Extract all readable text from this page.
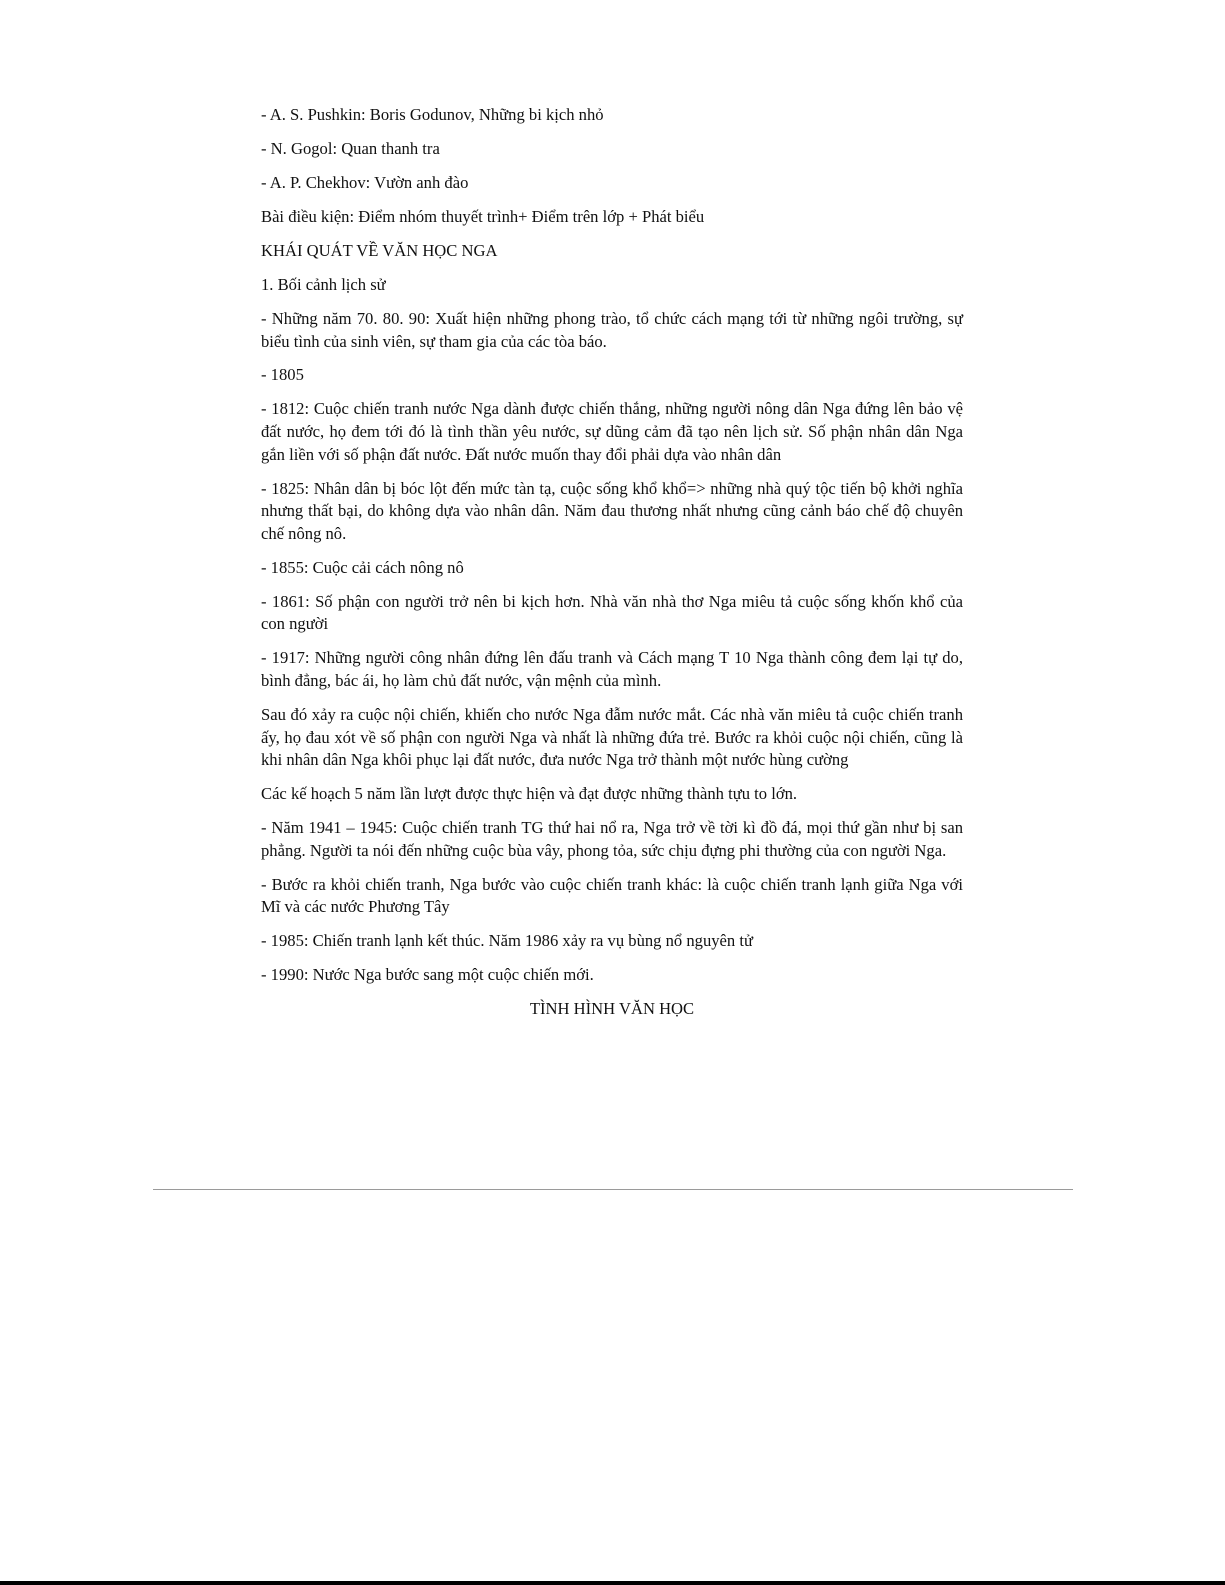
- A. S. Pushkin: Boris Godunov, Những bi kịch nhỏ

- N. Gogol: Quan thanh tra

- A. P. Chekhov: Vườn anh đào

Bài điều kiện: Điểm nhóm thuyết trình+ Điểm trên lớp + Phát biểu

KHÁI QUÁT VỀ VĂN HỌC NGA

1. Bối cảnh lịch sử

- Những năm 70. 80. 90: Xuất hiện những phong trào, tổ chức cách mạng tới từ những ngôi trường, sự biểu tình của sinh viên, sự tham gia của các tòa báo.

- 1805

- 1812: Cuộc chiến tranh nước Nga dành được chiến thắng, những người nông dân Nga đứng lên bảo vệ đất nước, họ đem tới đó là tình thần yêu nước, sự dũng cảm đã tạo nên lịch sử. Số phận nhân dân Nga gắn liền với số phận đất nước. Đất nước muốn thay đổi phải dựa vào nhân dân

- 1825: Nhân dân bị bóc lột đến mức tàn tạ, cuộc sống khổ khổ=> những nhà quý tộc tiến bộ khởi nghĩa nhưng thất bại, do không dựa vào nhân dân. Năm đau thương nhất nhưng cũng cảnh báo chế độ chuyên chế nông nô.

- 1855: Cuộc cải cách nông nô

- 1861: Số phận con người trở nên bi kịch hơn. Nhà văn nhà thơ Nga miêu tả cuộc sống khốn khổ của con người

- 1917: Những người công nhân đứng lên đấu tranh và Cách mạng T 10 Nga thành công đem lại tự do, bình đẳng, bác ái, họ làm chủ đất nước, vận mệnh của mình.

Sau đó xảy ra cuộc nội chiến, khiến cho nước Nga đẫm nước mắt. Các nhà văn miêu tả cuộc chiến tranh ấy, họ đau xót về số phận con người Nga và nhất là những đứa trẻ. Bước ra khỏi cuộc nội chiến, cũng là khi nhân dân Nga khôi phục lại đất nước, đưa nước Nga trở thành một nước hùng cường

Các kế hoạch 5 năm lần lượt được thực hiện và đạt được những thành tựu to lớn.

- Năm 1941 – 1945: Cuộc chiến tranh TG thứ hai nổ ra, Nga trở về tời kì đồ đá, mọi thứ gần như bị san phẳng. Người ta nói đến những cuộc bùa vây, phong tỏa, sức chịu đựng phi thường của con người Nga.

- Bước ra khỏi chiến tranh, Nga bước vào cuộc chiến tranh khác: là cuộc chiến tranh lạnh giữa Nga với Mĩ và các nước Phương Tây

- 1985: Chiến tranh lạnh kết thúc. Năm 1986 xảy ra vụ bùng nổ nguyên tử

- 1990: Nước Nga bước sang một cuộc chiến mới.

TÌNH HÌNH VĂN HỌC
